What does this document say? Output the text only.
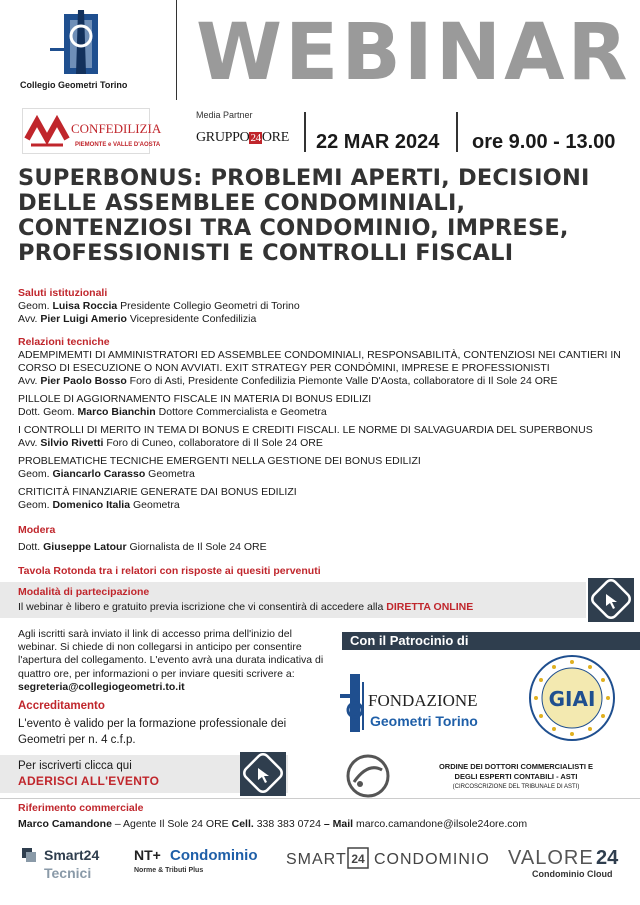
Collegio Geometri Torino WEBINAR
CONFEDILIZIA
PIEMONTE e VALLE D'AOSTA
Media Partner
GRUPPO24ORE 22 MAR 2024 ore 9.00 - 13.00
SUPERBONUS: PROBLEMI APERTI, DECISIONI DELLE ASSEMBLEE CONDOMINIALI, CONTENZIOSI TRA CONDOMINIO, IMPRESE, PROFESSIONISTI E CONTROLLI FISCALI
Saluti istituzionali
Geom. Luisa Roccia Presidente Collegio Geometri di Torino
Avv. Pier Luigi Amerio Vicepresidente Confedilizia
Relazioni tecniche
ADEMPIMEMTI DI AMMINISTRATORI ED ASSEMBLEE CONDOMINIALI, RESPONSABILITÀ, CONTENZIOSI NEI CANTIERI IN CORSO DI ESECUZIONE O NON AVVIATI. EXIT STRATEGY PER CONDÒMINI, IMPRESE E PROFESSIONISTI
Avv. Pier Paolo Bosso Foro di Asti, Presidente Confedilizia Piemonte Valle D'Aosta, collaboratore di Il Sole 24 ORE
PILLOLE DI AGGIORNAMENTO FISCALE IN MATERIA DI BONUS EDILIZI
Dott. Geom. Marco Bianchin Dottore Commercialista e Geometra
I CONTROLLI DI MERITO IN TEMA DI BONUS E CREDITI FISCALI. LE NORME DI SALVAGUARDIA DEL SUPERBONUS
Avv. Silvio Rivetti Foro di Cuneo, collaboratore di Il Sole 24 ORE
PROBLEMATICHE TECNICHE EMERGENTI NELLA GESTIONE DEI BONUS EDILIZI
Geom. Giancarlo Carasso Geometra
CRITICITÀ FINANZIARIE GENERATE DAI BONUS EDILIZI
Geom. Domenico Italia Geometra
Modera
Dott. Giuseppe Latour Giornalista de Il Sole 24 ORE
Tavola Rotonda tra i relatori con risposte ai quesiti pervenuti
Modalità di partecipazione
Il webinar è libero e gratuito previa iscrizione che vi consentirà di accedere alla DIRETTA ONLINE
Agli iscritti sarà inviato il link di accesso prima dell'inizio del webinar. Si chiede di non collegarsi in anticipo per consentire l'apertura del collegamento. L'evento avrà una durata indicativa di quattro ore, per informazioni o per inviare quesiti scrivere a: segreteria@collegiogeometri.to.it
Accreditamento
L'evento è valido per la formazione professionale dei Geometri per n. 4 c.f.p.
Per iscriverti clicca qui
ADERISCI ALL'EVENTO
Con il Patrocinio di
FONDAZIONE
Geometri Torino
GIAI
ORDINE DEI DOTTORI COMMERCIALISTI E
DEGLI ESPERTI CONTABILI - ASTI
(CIRCOSCRIZIONE DEL TRIBUNALE DI ASTI)
Riferimento commerciale
Marco Camandone – Agente Il Sole 24 ORE Cell. 338 383 0724 – Mail marco.camandone@ilsole24ore.com
Smart24
Tecnici
NT+ Condominio
Norme & Tributi Plus
SMART 24 CONDOMINIO VALORE 24
Condominio Cloud
